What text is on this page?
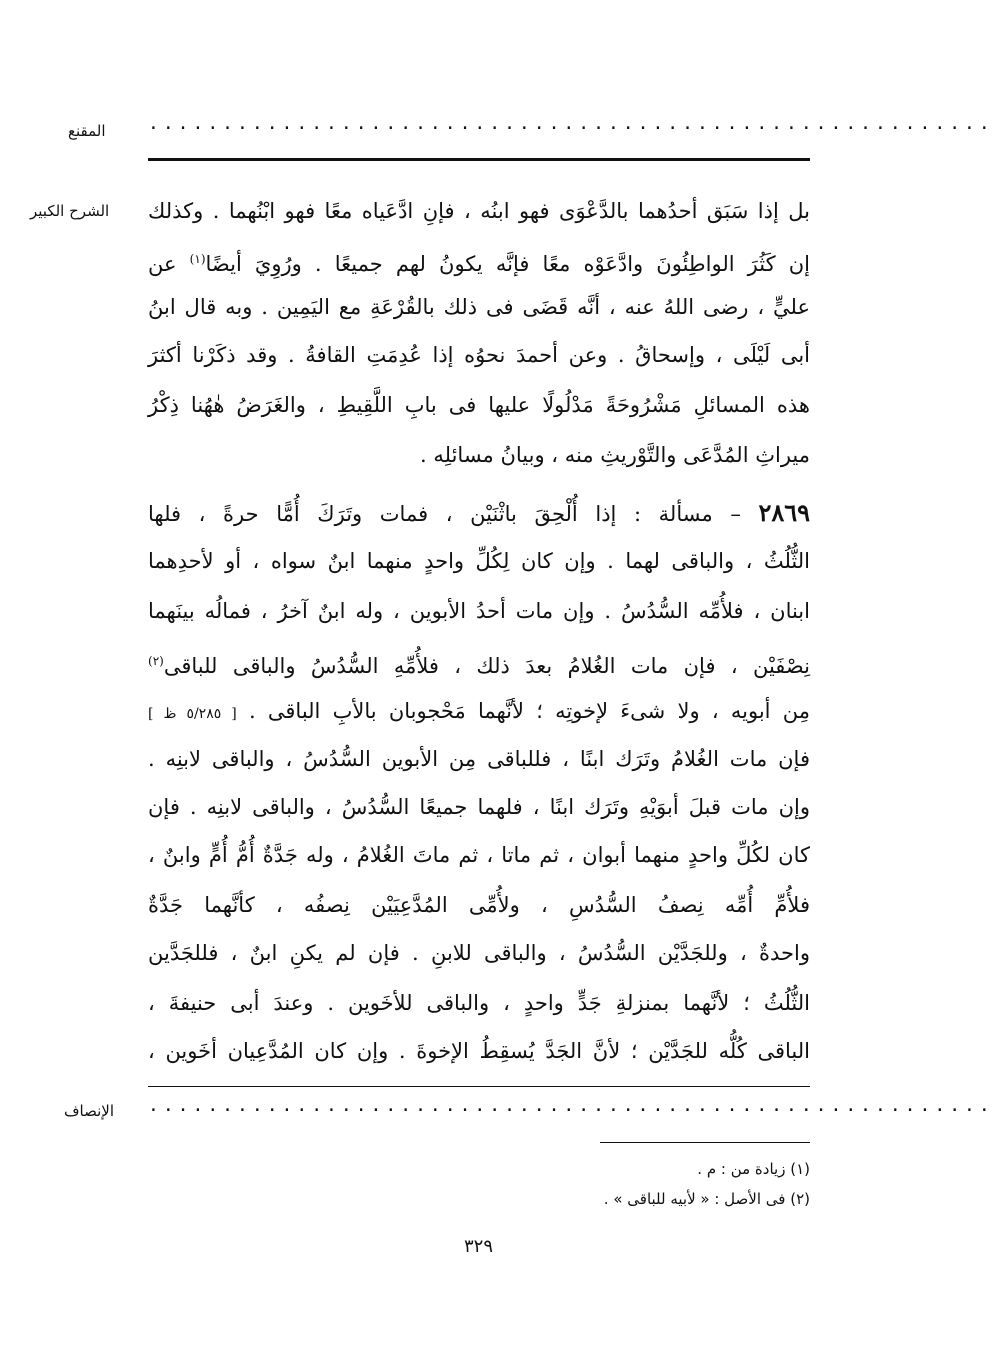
المقنع ·························································
الشرح الكبير بل إذا سَبَق أحدُهما بالدَّعْوَى فهو ابنُه ، فإنِ ادَّعَياه معًا فهو ابْنُهما . وكذلك
إن كَثُرَ الواطِئُونَ وادَّعَوْه معًا فإنَّه يكونُ لهم جميعًا . ورُوِيَ أيضًا$^{(١)}$ عن
عليٍّ ، رضى اللهُ عنه ، أنَّه قَضَى فى ذلك بالقُرْعَةِ مع اليَمِين . وبه قال ابنُ
أبى لَيْلَى ، وإسحاقُ . وعن أحمدَ نحوُه إذا عُدِمَتِ القافةُ . وقد ذكَرْنا أكثرَ
هذه المسائلِ مَشْرُوحَةً مَدْلُولًا عليها فى بابِ اللَّقِيطِ ، والغَرَضُ هٰهُنا ذِكْرُ
ميراثِ المُدَّعَى والتَّوْريثِ منه ، وبيانُ مسائلِه .
٢٨٦٩ – مسألة : إذا أُلْحِقَ باثْنَيْن ، فمات وتَرَكَ أُمًّا حرةً ، فلها
الثُّلُثُ ، والباقى لهما . وإن كان لِكُلِّ واحدٍ منهما ابنٌ سواه ، أو لأحدِهما
ابنان ، فلأُمِّه السُّدُسُ . وإن مات أحدُ الأبوين ، وله ابنٌ آخرُ ، فمالُه بينَهما
نِصْفَيْن ، فإن مات الغُلامُ بعدَ ذلك ، فلأُمِّهِ السُّدُسُ والباقى للباقى$^{(٢)}$
مِن أبويه ، ولا شىءَ لإخوتِه ؛ لأنَّهما مَحْجوبان بالأبِ الباقى . [ ٥/٢٨٥ ظ ]
فإن مات الغُلامُ وتَرَك ابنًا ، فللباقى مِن الأبوين السُّدُسُ ، والباقى لابنِه .
وإن مات قبلَ أبوَيْهِ وتَرَك ابنًا ، فلهما جميعًا السُّدُسُ ، والباقى لابنِه . فإن
كان لكُلِّ واحدٍ منهما أبوان ، ثم ماتا ، ثم ماتَ الغُلامُ ، وله جَدَّةٌ أُمُّ أُمٍّ وابنٌ ،
فلأُمِّ أُمِّه نِصفُ السُّدُسِ ، ولأُمِّى المُدَّعِيَيْن نِصفُه ، كأنَّهما جَدَّةٌ
واحدةٌ ، وللجَدَّيْن السُّدُسُ ، والباقى للابنِ . فإن لم يكنِ ابنٌ ، فللجَدَّين
الثُّلُثُ ؛ لأنَّهما بمنزلةِ جَدٍّ واحدٍ ، والباقى للأخَوين . وعندَ أبى حنيفةَ ،
الباقى كُلُّه للجَدَّيْن ؛ لأنَّ الجَدَّ يُسقِطُ الإخوةَ . وإن كان المُدَّعِيان أخَوين ،
الإنصاف ·························································
(١) زيادة من : م .
(٢) فى الأصل : « لأبيه للباقى » .
٣٢٩
